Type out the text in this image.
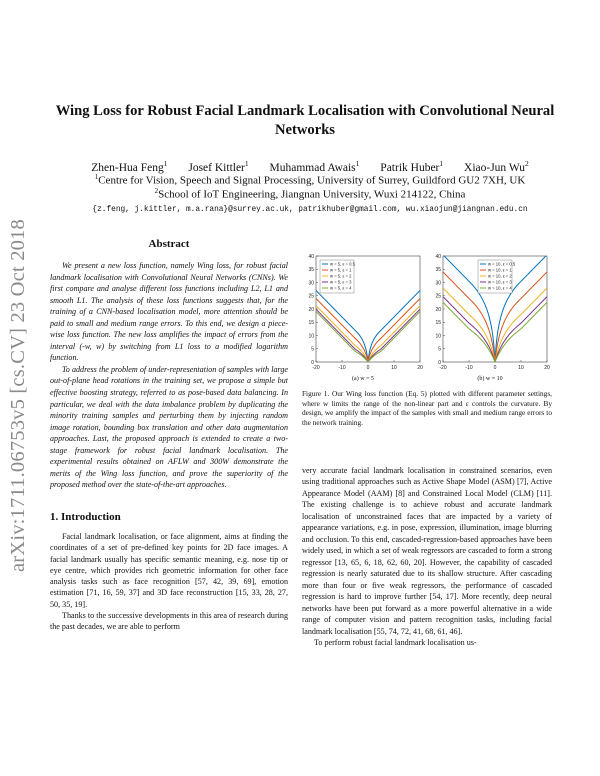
arXiv:1711.06753v5 [cs.CV] 23 Oct 2018
Wing Loss for Robust Facial Landmark Localisation with Convolutional Neural Networks
Zhen-Hua Feng$^1$ Josef Kittler$^1$ Muhammad Awais$^1$ Patrik Huber$^1$ Xiao-Jun Wu$^2$
$^1$Centre for Vision, Speech and Signal Processing, University of Surrey, Guildford GU2 7XH, UK
$^2$School of IoT Engineering, Jiangnan University, Wuxi 214122, China
{z.feng, j.kittler, m.a.rana}@surrey.ac.uk, patrikhuber@gmail.com, wu.xiaojun@jiangnan.edu.cn
Abstract

We present a new loss function, namely Wing loss, for robust facial landmark localisation with Convolutional Neural Networks (CNNs). We first compare and analyse different loss functions including L2, L1 and smooth L1. The analysis of these loss functions suggests that, for the training of a CNN-based localisation model, more attention should be paid to small and medium range errors. To this end, we design a piece-wise loss function. The new loss amplifies the impact of errors from the interval (-w, w) by switching from L1 loss to a modified logarithm function.

To address the problem of under-representation of samples with large out-of-plane head rotations in the training set, we propose a simple but effective boosting strategy, referred to as pose-based data balancing. In particular, we deal with the data imbalance problem by duplicating the minority training samples and perturbing them by injecting random image rotation, bounding box translation and other data augmentation approaches. Last, the proposed approach is extended to create a two-stage framework for robust facial landmark localisation. The experimental results obtained on AFLW and 300W demonstrate the merits of the Wing loss function, and prove the superiority of the proposed method over the state-of-the-art approaches.

1. Introduction

Facial landmark localisation, or face alignment, aims at finding the coordinates of a set of pre-defined key points for 2D face images. A facial landmark usually has specific semantic meaning, e.g. nose tip or eye centre, which provides rich geometric information for other face analysis tasks such as face recognition [57, 42, 39, 69], emotion estimation [71, 16, 59, 37] and 3D face reconstruction [15, 33, 28, 27, 50, 35, 19].

Thanks to the successive developments in this area of research during the past decades, we are able to perform

0
5
10
15
20
25
30
35
40
-20	-10	0	10	20
w = 5, ε = 0.5
w = 5, ε = 1
w = 5, ε = 2
w = 5, ε = 3
w = 5, ε = 4
(a) w = 5
0
5
10
15
20
25
30
35
40
-20	-10	0	10	20
w = 10, ε = 0.5
w = 10, ε = 1
w = 10, ε = 2
w = 10, ε = 3
w = 10, ε = 4
(b) w = 10
Figure 1. Our Wing loss function (Eq. 5) plotted with different parameter settings, where w limits the range of the non-linear part and ε controls the curvature. By design, we amplify the impact of the samples with small and medium range errors to the network training.

very accurate facial landmark localisation in constrained scenarios, even using traditional approaches such as Active Shape Model (ASM) [7], Active Appearance Model (AAM) [8] and Constrained Local Model (CLM) [11]. The existing challenge is to achieve robust and accurate landmark localisation of unconstrained faces that are impacted by a variety of appearance variations, e.g. in pose, expression, illumination, image blurring and occlusion. To this end, cascaded-regression-based approaches have been widely used, in which a set of weak regressors are cascaded to form a strong regressor [13, 65, 6, 18, 62, 60, 20]. However, the capability of cascaded regression is nearly saturated due to its shallow structure. After cascading more than four or five weak regressors, the performance of cascaded regression is hard to improve further [54, 17]. More recently, deep neural networks have been put forward as a more powerful alternative in a wide range of computer vision and pattern recognition tasks, including facial landmark localisation [55, 74, 72, 41, 68, 61, 46].

To perform robust facial landmark localisation us-
